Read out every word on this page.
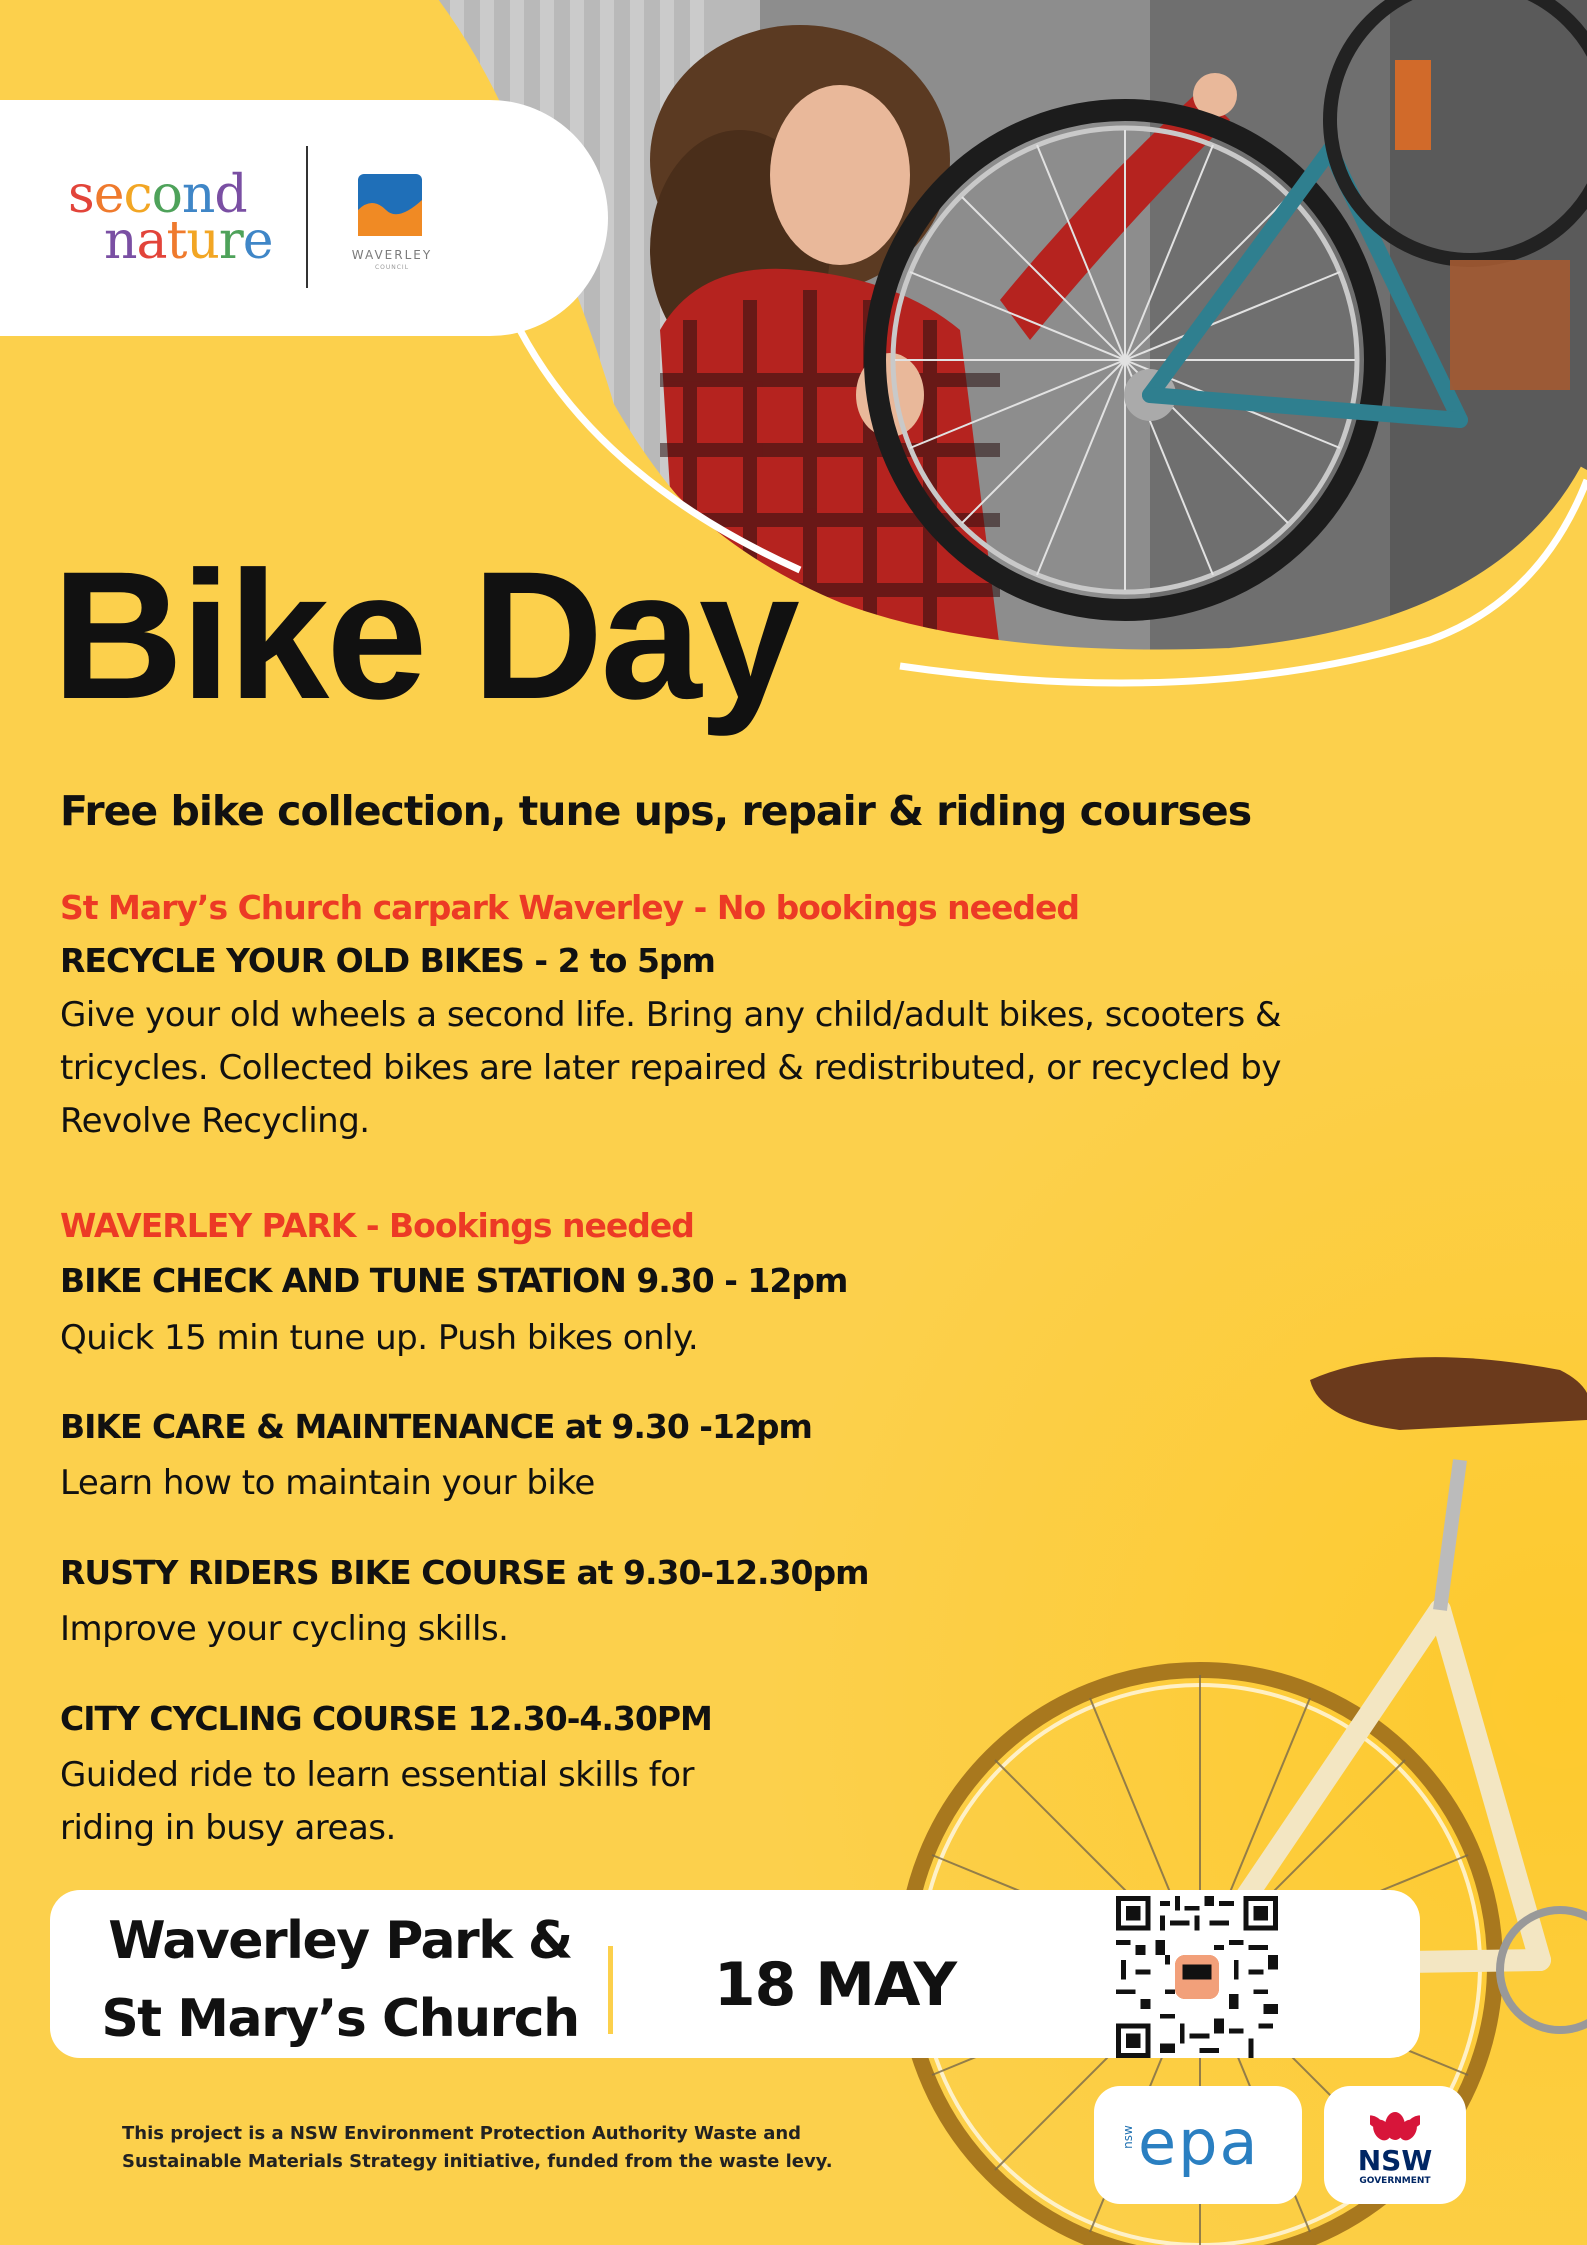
second
nature	WAVERLEY
COUNCIL
Bike Day
Free bike collection, tune ups, repair & riding courses
St Mary’s Church carpark Waverley - No bookings needed
RECYCLE YOUR OLD BIKES - 2 to 5pm
Give your old wheels a second life. Bring any child/adult bikes, scooters &
tricycles. Collected bikes are later repaired & redistributed, or recycled by
Revolve Recycling.
WAVERLEY PARK - Bookings needed
BIKE CHECK AND TUNE STATION 9.30 - 12pm
Quick 15 min tune up. Push bikes only.
BIKE CARE & MAINTENANCE at 9.30 -12pm
Learn how to maintain your bike
RUSTY RIDERS BIKE COURSE at 9.30-12.30pm
Improve your cycling skills.
CITY CYCLING COURSE 12.30-4.30PM
Guided ride to learn essential skills for
riding in busy areas.
Waverley Park &
St Mary’s Church	18 MAY
This project is a NSW Environment Protection Authority Waste and
Sustainable Materials Strategy initiative, funded from the waste levy.
nsw epa	NSW
GOVERNMENT
